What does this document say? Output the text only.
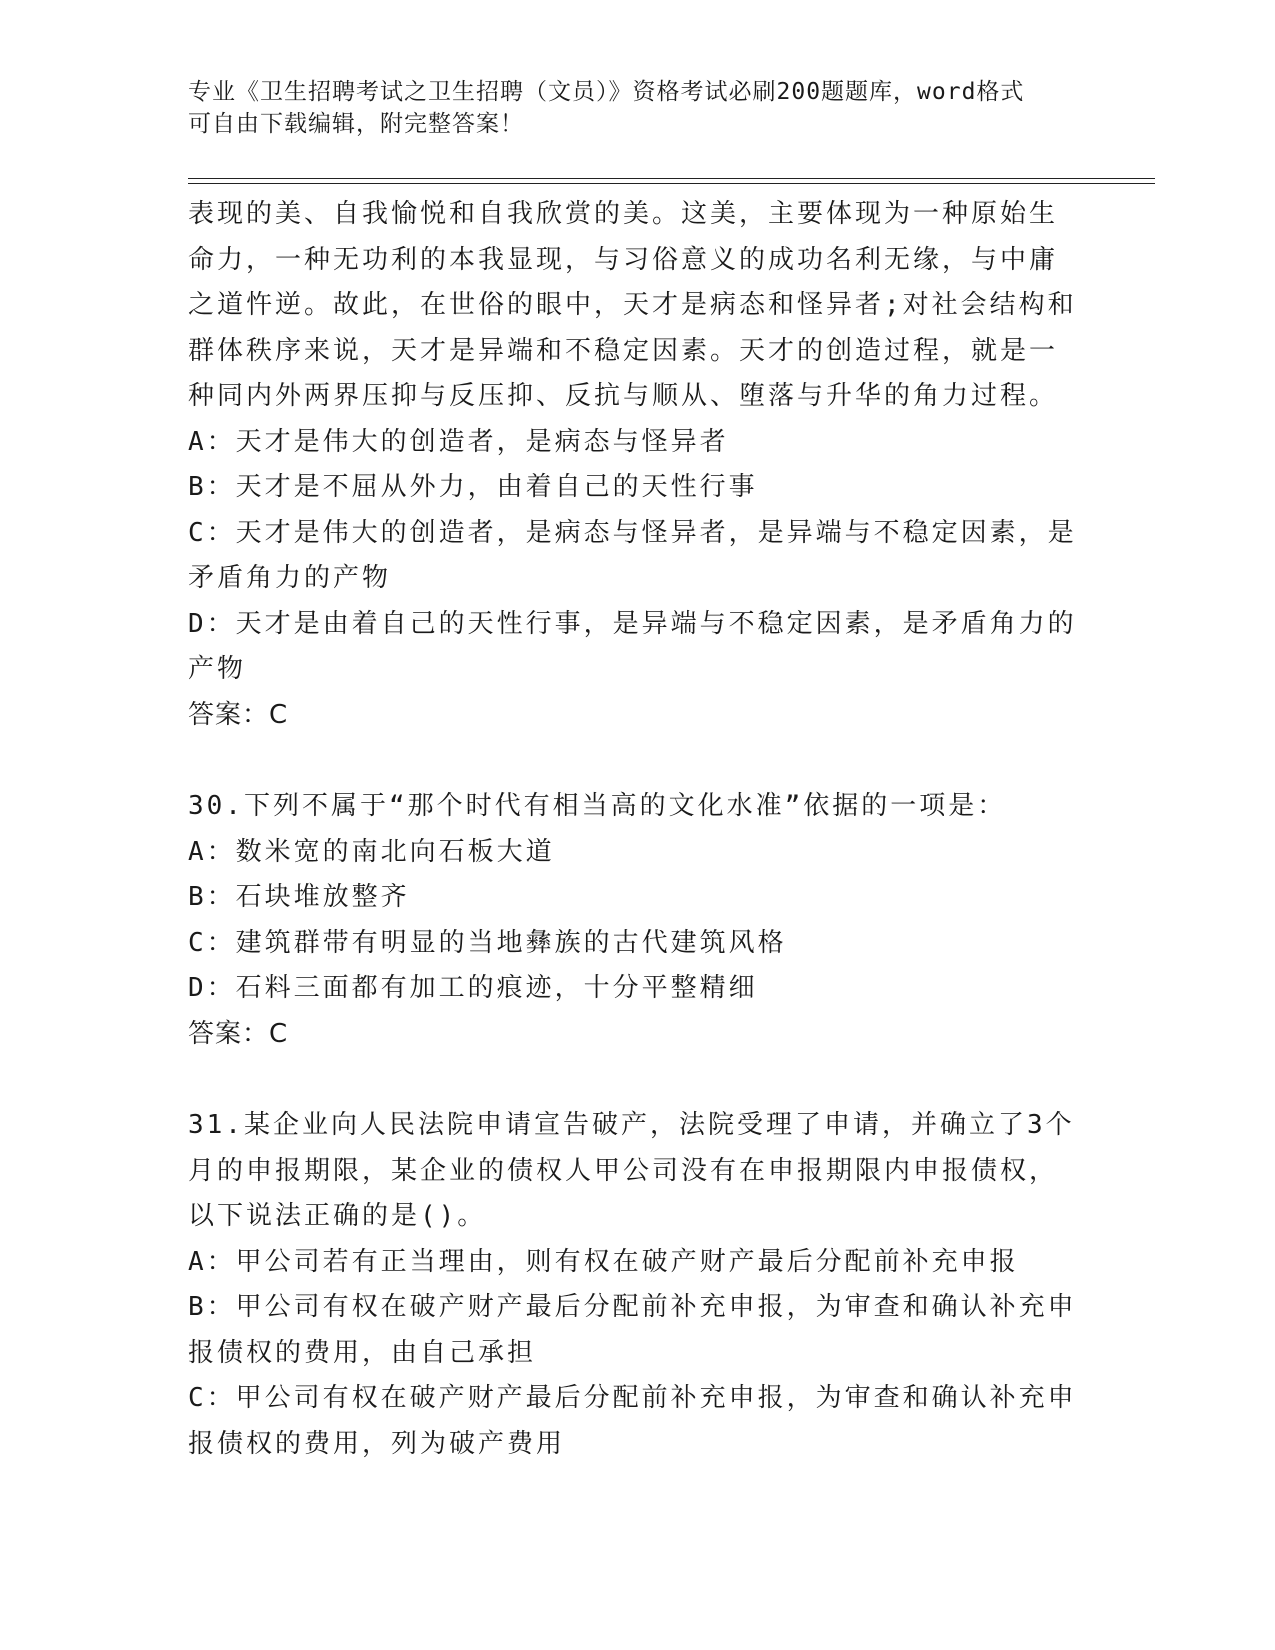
专业《卫生招聘考试之卫生招聘（文员）》资格考试必刷200题题库，word格式
可自由下载编辑，附完整答案！
表现的美、自我愉悦和自我欣赏的美。这美，主要体现为一种原始生
命力，一种无功利的本我显现，与习俗意义的成功名利无缘，与中庸
之道忤逆。故此，在世俗的眼中，天才是病态和怪异者;对社会结构和
群体秩序来说，天才是异端和不稳定因素。天才的创造过程，就是一
种同内外两界压抑与反压抑、反抗与顺从、堕落与升华的角力过程。
A：天才是伟大的创造者，是病态与怪异者
B：天才是不屈从外力，由着自己的天性行事
C：天才是伟大的创造者，是病态与怪异者，是异端与不稳定因素，是
矛盾角力的产物
D：天才是由着自己的天性行事，是异端与不稳定因素，是矛盾角力的
产物
答案：C
30.下列不属于“那个时代有相当高的文化水准”依据的一项是：
A：数米宽的南北向石板大道
B：石块堆放整齐
C：建筑群带有明显的当地彝族的古代建筑风格
D：石料三面都有加工的痕迹，十分平整精细
答案：C
31.某企业向人民法院申请宣告破产，法院受理了申请，并确立了3个
月的申报期限，某企业的债权人甲公司没有在申报期限内申报债权，
以下说法正确的是()。
A：甲公司若有正当理由，则有权在破产财产最后分配前补充申报
B：甲公司有权在破产财产最后分配前补充申报，为审查和确认补充申
报债权的费用，由自己承担
C：甲公司有权在破产财产最后分配前补充申报，为审查和确认补充申
报债权的费用，列为破产费用
